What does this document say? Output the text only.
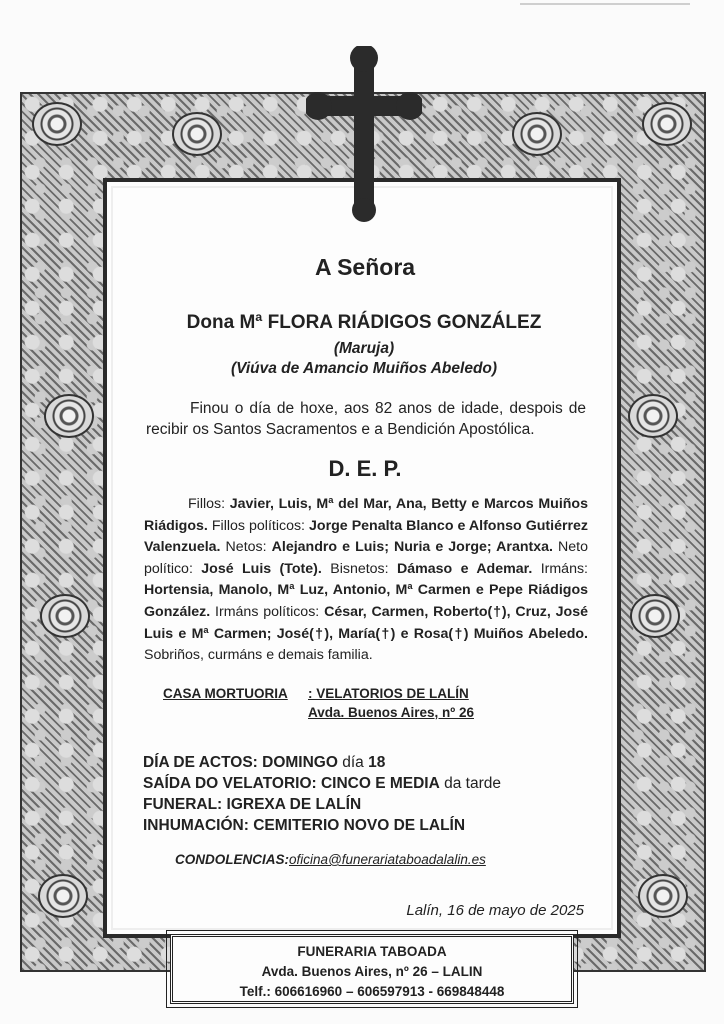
A Señora

Dona Mª FLORA RIÁDIGOS GONZÁLEZ

(Maruja)

(Viúva de Amancio Muiños Abeledo)

Finou o día de hoxe, aos 82 anos de idade, despois de recibir os Santos Sacramentos e a Bendición Apostólica.

D. E. P.

Fillos: Javier, Luis, Mª del Mar, Ana, Betty e Marcos Muiños Riádigos. Fillos políticos: Jorge Penalta Blanco e Alfonso Gutiérrez Valenzuela. Netos: Alejandro e Luis; Nuria e Jorge; Arantxa. Neto político: José Luis (Tote). Bisnetos: Dámaso e Ademar. Irmáns: Hortensia, Manolo, Mª Luz, Antonio, Mª Carmen e Pepe Riádigos González. Irmáns políticos: César, Carmen, Roberto(†), Cruz, José Luis e Mª Carmen; José(†), María(†) e Rosa(†) Muiños Abeledo. Sobriños, curmáns e demais familia.

CASA MORTUORIA : VELATORIOS DE LALÍN

Avda. Buenos Aires, nº 26

DÍA DE ACTOS: DOMINGO día 18
SAÍDA DO VELATORIO: CINCO E MEDIA da tarde
FUNERAL: IGREXA DE LALÍN
INHUMACIÓN: CEMITERIO NOVO DE LALÍN

CONDOLENCIAS:oficina@funerariataboadalalin.es

Lalín, 16 de mayo de 2025

FUNERARIA TABOADA
Avda. Buenos Aires, nº 26 – LALIN
Telf.: 606616960 – 606597913 - 669848448
